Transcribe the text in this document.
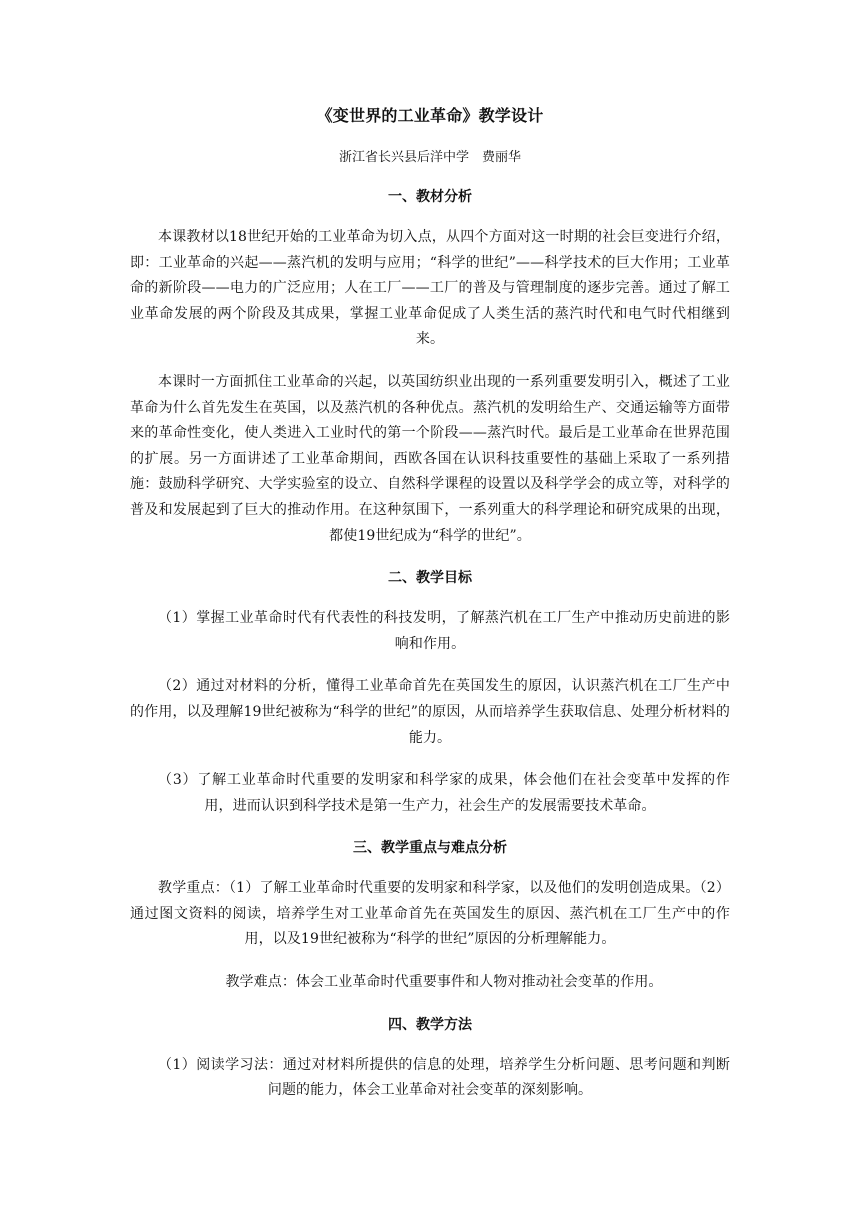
《变世界的工业革命》教学设计

浙江省长兴县后洋中学　费丽华

一、教材分析

本课教材以18世纪开始的工业革命为切入点，从四个方面对这一时期的社会巨变进行介绍，即：工业革命的兴起——蒸汽机的发明与应用；“科学的世纪”——科学技术的巨大作用；工业革命的新阶段——电力的广泛应用；人在工厂——工厂的普及与管理制度的逐步完善。通过了解工业革命发展的两个阶段及其成果，掌握工业革命促成了人类生活的蒸汽时代和电气时代相继到来。

本课时一方面抓住工业革命的兴起，以英国纺织业出现的一系列重要发明引入，概述了工业革命为什么首先发生在英国，以及蒸汽机的各种优点。蒸汽机的发明给生产、交通运输等方面带来的革命性变化，使人类进入工业时代的第一个阶段——蒸汽时代。最后是工业革命在世界范围的扩展。另一方面讲述了工业革命期间，西欧各国在认识科技重要性的基础上采取了一系列措施：鼓励科学研究、大学实验室的设立、自然科学课程的设置以及科学学会的成立等，对科学的普及和发展起到了巨大的推动作用。在这种氛围下，一系列重大的科学理论和研究成果的出现，都使19世纪成为“科学的世纪”。

二、教学目标

（1）掌握工业革命时代有代表性的科技发明，了解蒸汽机在工厂生产中推动历史前进的影响和作用。

（2）通过对材料的分析，懂得工业革命首先在英国发生的原因，认识蒸汽机在工厂生产中的作用，以及理解19世纪被称为“科学的世纪”的原因，从而培养学生获取信息、处理分析材料的能力。

（3）了解工业革命时代重要的发明家和科学家的成果，体会他们在社会变革中发挥的作用，进而认识到科学技术是第一生产力，社会生产的发展需要技术革命。

三、教学重点与难点分析

教学重点：（1）了解工业革命时代重要的发明家和科学家，以及他们的发明创造成果。（2）通过图文资料的阅读，培养学生对工业革命首先在英国发生的原因、蒸汽机在工厂生产中的作用，以及19世纪被称为“科学的世纪”原因的分析理解能力。

教学难点：体会工业革命时代重要事件和人物对推动社会变革的作用。

四、教学方法

（1）阅读学习法：通过对材料所提供的信息的处理，培养学生分析问题、思考问题和判断问题的能力，体会工业革命对社会变革的深刻影响。
